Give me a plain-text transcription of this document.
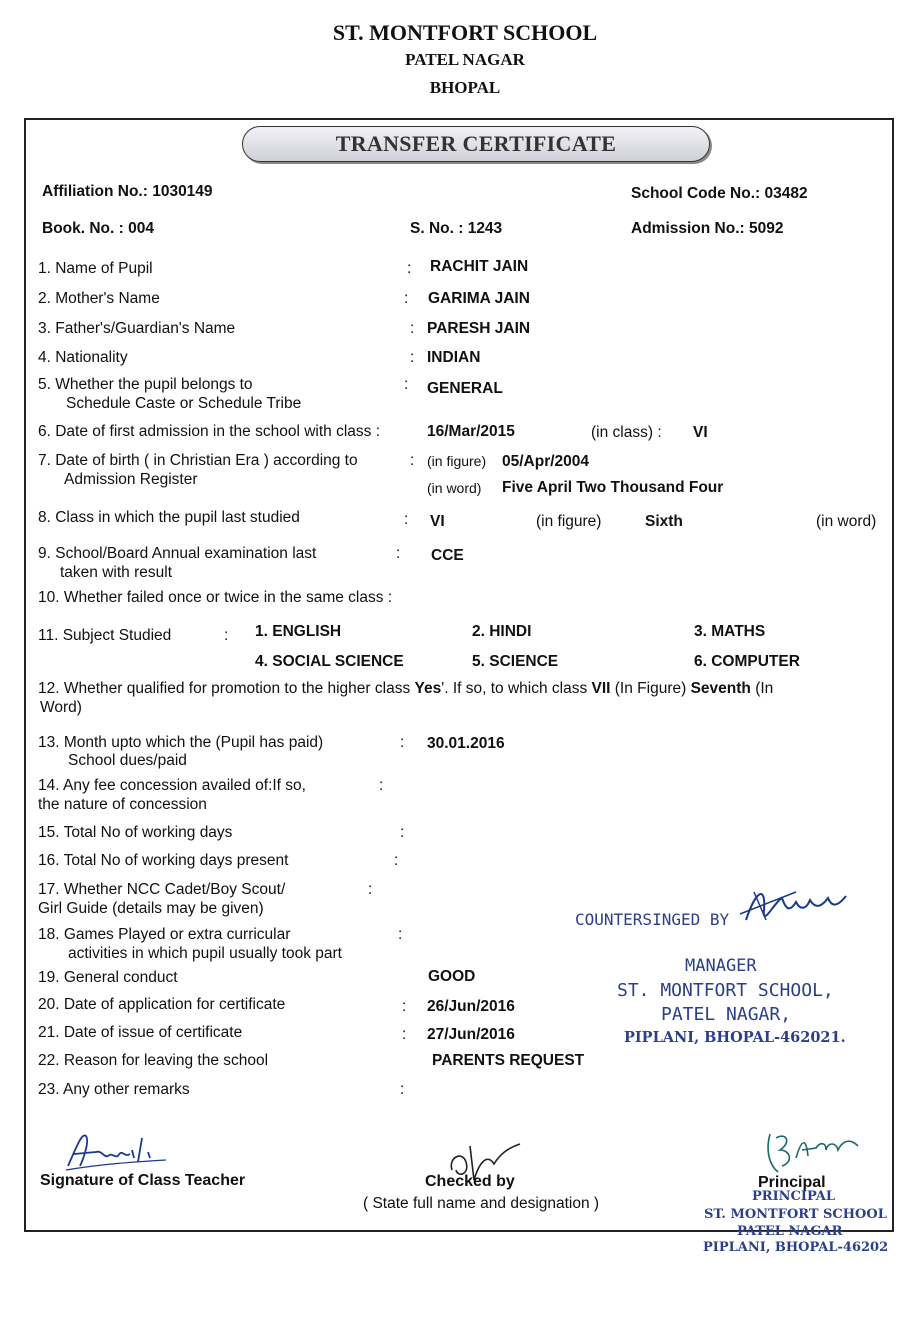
ST. MONTFORT SCHOOL
PATEL NAGAR
BHOPAL
TRANSFER CERTIFICATE
Affiliation No.: 1030149	School Code No.: 03482
Book. No. : 004	S. No. : 1243	Admission No.: 5092
1. Name of Pupil	: RACHIT JAIN
2. Mother's Name	: GARIMA JAIN
3. Father's/Guardian's Name	: PARESH JAIN
4. Nationality	: INDIAN
5. Whether the pupil belongs to
Schedule Caste or Schedule Tribe
: GENERAL
6. Date of first admission in the school with class :	16/Mar/2015	(in class) : VI
7. Date of birth ( in Christian Era ) according to
Admission Register
: (in figure) 05/Apr/2004
(in word) Five April Two Thousand Four
8. Class in which the pupil last studied	: VI	(in figure)	Sixth	(in word)
9. School/Board Annual examination last
taken with result
: CCE
10. Whether failed once or twice in the same class :
11. Subject Studied	: 1. ENGLISH	2. HINDI	3. MATHS
4. SOCIAL SCIENCE	5. SCIENCE	6. COMPUTER
12. Whether qualified for promotion to the higher class Yes'. If so, to which class VII (In Figure) Seventh (In
Word)
13. Month upto which the (Pupil has paid)
School dues/paid
: 30.01.2016
14. Any fee concession availed of:If so,
the nature of concession
:
15. Total No of working days	:
16. Total No of working days present	:
17. Whether NCC Cadet/Boy Scout/
Girl Guide (details may be given)
:
18. Games Played or extra curricular
activities in which pupil usually took part
:
19. General conduct	GOOD
20. Date of application for certificate	: 26/Jun/2016
21. Date of issue of certificate	: 27/Jun/2016
22. Reason for leaving the school	PARENTS REQUEST
23. Any other remarks	:
COUNTERSINGED BY
MANAGER
ST. MONTFORT SCHOOL,
PATEL NAGAR,
PIPLANI, BHOPAL-462021.
Signature of Class Teacher	Checked by
( State full name and designation )
Principal
PRINCIPAL
ST. MONTFORT SCHOOL
PATEL NAGAR
PIPLANI, BHOPAL-46202
